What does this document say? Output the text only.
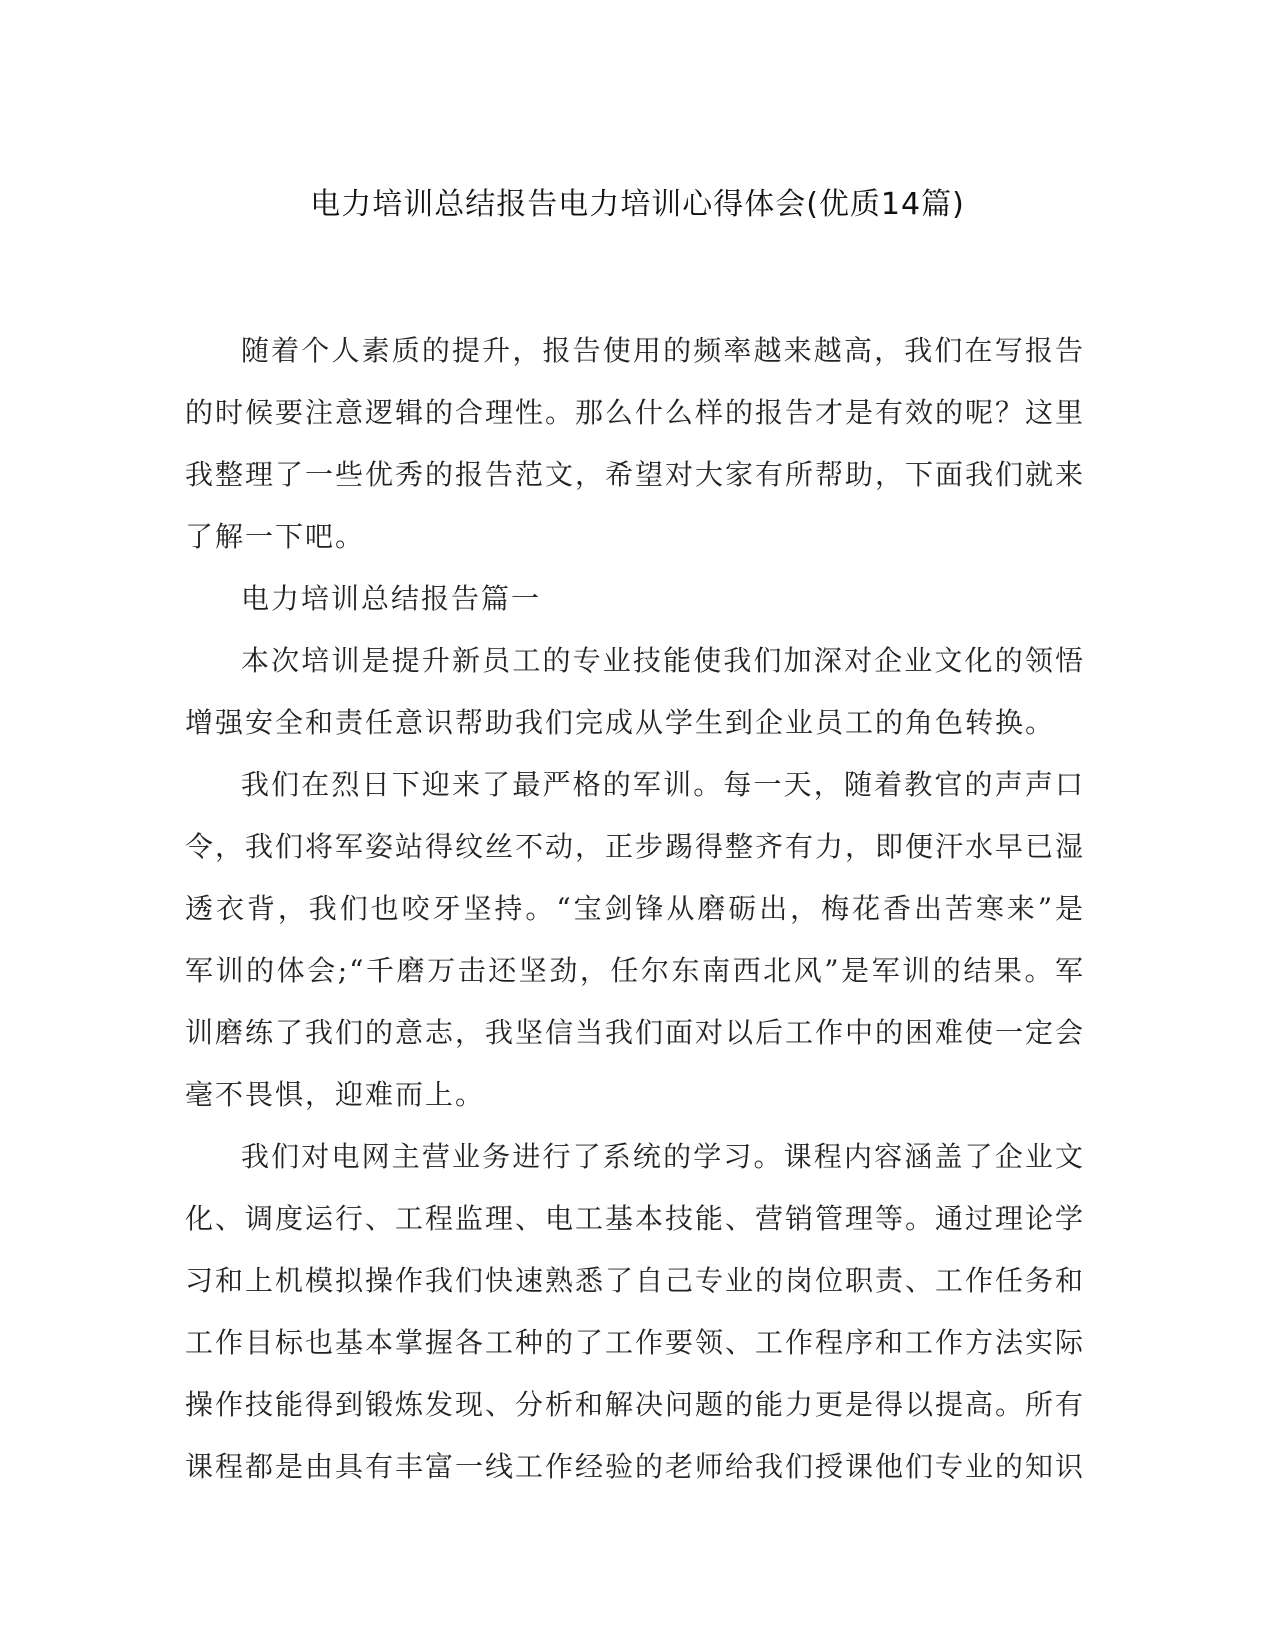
电力培训总结报告电力培训心得体会(优质14篇)

随着个人素质的提升，报告使用的频率越来越高，我们在写报告的时候要注意逻辑的合理性。那么什么样的报告才是有效的呢？这里我整理了一些优秀的报告范文，希望对大家有所帮助，下面我们就来了解一下吧。

电力培训总结报告篇一

本次培训是提升新员工的专业技能使我们加深对企业文化的领悟增强安全和责任意识帮助我们完成从学生到企业员工的角色转换。

我们在烈日下迎来了最严格的军训。每一天，随着教官的声声口令，我们将军姿站得纹丝不动，正步踢得整齐有力，即便汗水早已湿透衣背，我们也咬牙坚持。“宝剑锋从磨砺出，梅花香出苦寒来”是军训的体会;“千磨万击还坚劲，任尔东南西北风”是军训的结果。军训磨练了我们的意志，我坚信当我们面对以后工作中的困难使一定会毫不畏惧，迎难而上。

我们对电网主营业务进行了系统的学习。课程内容涵盖了企业文化、调度运行、工程监理、电工基本技能、营销管理等。通过理论学习和上机模拟操作我们快速熟悉了自己专业的岗位职责、工作任务和工作目标也基本掌握各工种的了工作要领、工作程序和工作方法实际操作技能得到锻炼发现、分析和解决问题的能力更是得以提高。所有课程都是由具有丰富一线工作经验的老师给我们授课他们专业的知识
